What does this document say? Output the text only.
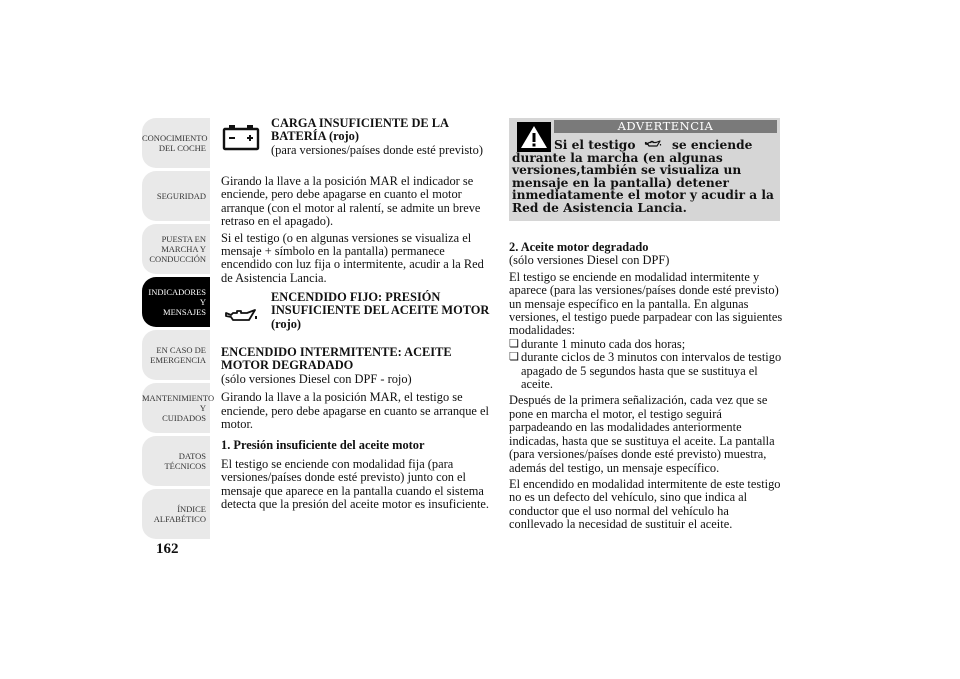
CONOCIMIENTO
DEL COCHE
SEGURIDAD
PUESTA EN
MARCHA Y
CONDUCCIÓN
INDICADORES Y
MENSAJES
EN CASO DE
EMERGENCIA
MANTENIMIENTO Y
CUIDADOS
DATOS TÉCNICOS
ÍNDICE
ALFABÉTICO
162

CARGA INSUFICIENTE DE LA BATERÍA (rojo)

(para versiones/países donde esté previsto)

Girando la llave a la posición MAR el indicador se enciende, pero debe apagarse en cuanto el motor arranque (con el motor al ralentí, se admite un breve retraso en el apagado).

Si el testigo (o en algunas versiones se visualiza el mensaje + símbolo en la pantalla) permanece encendido con luz fija o intermitente, acudir a la Red de Asistencia Lancia.

ENCENDIDO FIJO: PRESIÓN INSUFICIENTE DEL ACEITE MOTOR (rojo)

ENCENDIDO INTERMITENTE: ACEITE MOTOR DEGRADADO

(sólo versiones Diesel con DPF - rojo)

Girando la llave a la posición MAR, el testigo se enciende, pero debe apagarse en cuanto se arranque el motor.

1. Presión insuficiente del aceite motor

El testigo se enciende con modalidad fija (para versiones/países donde esté previsto) junto con el mensaje que aparece en la pantalla cuando el sistema detecta que la presión del aceite motor es insuficiente.

ADVERTENCIA
Si el testigo	se enciende durante la marcha (en algunas versiones,también se visualiza un mensaje en la pantalla) detener inmediatamente el motor y acudir a la Red de Asistencia Lancia.

2. Aceite motor degradado

(sólo versiones Diesel con DPF)

El testigo se enciende en modalidad intermitente y aparece (para las versiones/países donde esté previsto) un mensaje específico en la pantalla. En algunas versiones, el testigo puede parpadear con las siguientes modalidades:

❏ durante 1 minuto cada dos horas;

❏ durante ciclos de 3 minutos con intervalos de testigo apagado de 5 segundos hasta que se sustituya el aceite.

Después de la primera señalización, cada vez que se pone en marcha el motor, el testigo seguirá parpadeando en las modalidades anteriormente indicadas, hasta que se sustituya el aceite. La pantalla (para versiones/países donde esté previsto) muestra, además del testigo, un mensaje específico.

El encendido en modalidad intermitente de este testigo no es un defecto del vehículo, sino que indica al conductor que el uso normal del vehículo ha conllevado la necesidad de sustituir el aceite.
